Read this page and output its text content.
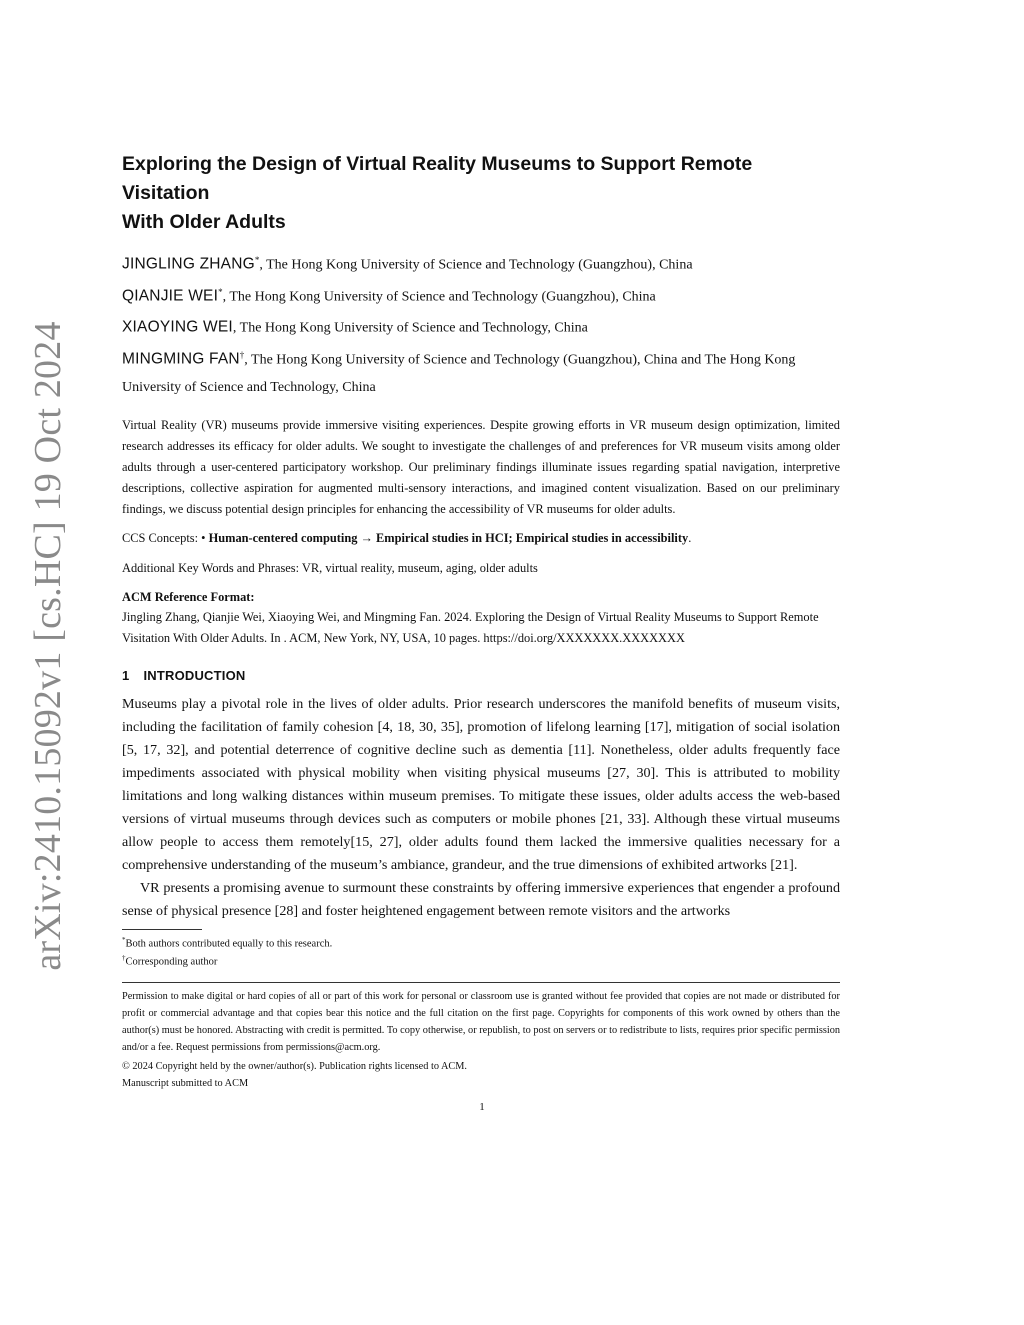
arXiv:2410.15092v1 [cs.HC] 19 Oct 2024
Exploring the Design of Virtual Reality Museums to Support Remote Visitation
With Older Adults
JINGLING ZHANG*, The Hong Kong University of Science and Technology (Guangzhou), China
QIANJIE WEI*, The Hong Kong University of Science and Technology (Guangzhou), China
XIAOYING WEI, The Hong Kong University of Science and Technology, China
MINGMING FAN†, The Hong Kong University of Science and Technology (Guangzhou), China and The Hong Kong University of Science and Technology, China

Virtual Reality (VR) museums provide immersive visiting experiences. Despite growing efforts in VR museum design optimization, limited research addresses its efficacy for older adults. We sought to investigate the challenges of and preferences for VR museum visits among older adults through a user-centered participatory workshop. Our preliminary findings illuminate issues regarding spatial navigation, interpretive descriptions, collective aspiration for augmented multi-sensory interactions, and imagined content visualization. Based on our preliminary findings, we discuss potential design principles for enhancing the accessibility of VR museums for older adults.

CCS Concepts: • Human-centered computing → Empirical studies in HCI; Empirical studies in accessibility.

Additional Key Words and Phrases: VR, virtual reality, museum, aging, older adults

ACM Reference Format:

Jingling Zhang, Qianjie Wei, Xiaoying Wei, and Mingming Fan. 2024. Exploring the Design of Virtual Reality Museums to Support Remote Visitation With Older Adults. In . ACM, New York, NY, USA, 10 pages. https://doi.org/XXXXXXX.XXXXXXX

1 INTRODUCTION

Museums play a pivotal role in the lives of older adults. Prior research underscores the manifold benefits of museum visits, including the facilitation of family cohesion [4, 18, 30, 35], promotion of lifelong learning [17], mitigation of social isolation [5, 17, 32], and potential deterrence of cognitive decline such as dementia [11]. Nonetheless, older adults frequently face impediments associated with physical mobility when visiting physical museums [27, 30]. This is attributed to mobility limitations and long walking distances within museum premises. To mitigate these issues, older adults access the web-based versions of virtual museums through devices such as computers or mobile phones [21, 33]. Although these virtual museums allow people to access them remotely[15, 27], older adults found them lacked the immersive qualities necessary for a comprehensive understanding of the museum’s ambiance, grandeur, and the true dimensions of exhibited artworks [21].

VR presents a promising avenue to surmount these constraints by offering immersive experiences that engender a profound sense of physical presence [28] and foster heightened engagement between remote visitors and the artworks

*Both authors contributed equally to this research.
†Corresponding author

Permission to make digital or hard copies of all or part of this work for personal or classroom use is granted without fee provided that copies are not made or distributed for profit or commercial advantage and that copies bear this notice and the full citation on the first page. Copyrights for components of this work owned by others than the author(s) must be honored. Abstracting with credit is permitted. To copy otherwise, or republish, to post on servers or to redistribute to lists, requires prior specific permission and/or a fee. Request permissions from permissions@acm.org.

© 2024 Copyright held by the owner/author(s). Publication rights licensed to ACM.
Manuscript submitted to ACM
1
